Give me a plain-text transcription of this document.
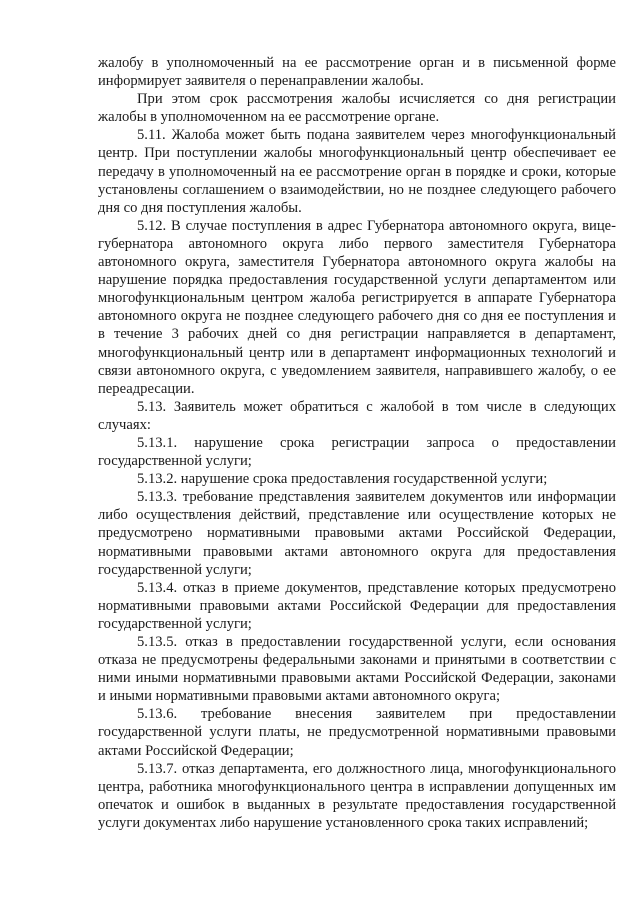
жалобу в уполномоченный на ее рассмотрение орган и в письменной форме информирует заявителя о перенаправлении жалобы.

При этом срок рассмотрения жалобы исчисляется со дня регистрации жалобы в уполномоченном на ее рассмотрение органе.

5.11. Жалоба может быть подана заявителем через многофункциональный центр. При поступлении жалобы многофункциональный центр обеспечивает ее передачу в уполномоченный на ее рассмотрение орган в порядке и сроки, которые установлены соглашением о взаимодействии, но не позднее следующего рабочего дня со дня поступления жалобы.

5.12. В случае поступления в адрес Губернатора автономного округа, вице-губернатора автономного округа либо первого заместителя Губернатора автономного округа, заместителя Губернатора автономного округа жалобы на нарушение порядка предоставления государственной услуги департаментом или многофункциональным центром жалоба регистрируется в аппарате Губернатора автономного округа не позднее следующего рабочего дня со дня ее поступления и в течение 3 рабочих дней со дня регистрации направляется в департамент, многофункциональный центр или в департамент информационных технологий и связи автономного округа, с уведомлением заявителя, направившего жалобу, о ее переадресации.

5.13. Заявитель может обратиться с жалобой в том числе в следующих случаях:

5.13.1. нарушение срока регистрации запроса о предоставлении государственной услуги;

5.13.2. нарушение срока предоставления государственной услуги;

5.13.3. требование представления заявителем документов или информации либо осуществления действий, представление или осуществление которых не предусмотрено нормативными правовыми актами Российской Федерации, нормативными правовыми актами автономного округа для предоставления государственной услуги;

5.13.4. отказ в приеме документов, представление которых предусмотрено нормативными правовыми актами Российской Федерации для предоставления государственной услуги;

5.13.5. отказ в предоставлении государственной услуги, если основания отказа не предусмотрены федеральными законами и принятыми в соответствии с ними иными нормативными правовыми актами Российской Федерации, законами и иными нормативными правовыми актами автономного округа;

5.13.6. требование внесения заявителем при предоставлении государственной услуги платы, не предусмотренной нормативными правовыми актами Российской Федерации;

5.13.7. отказ департамента, его должностного лица, многофункционального центра, работника многофункционального центра в исправлении допущенных им опечаток и ошибок в выданных в результате предоставления государственной услуги документах либо нарушение установленного срока таких исправлений;
